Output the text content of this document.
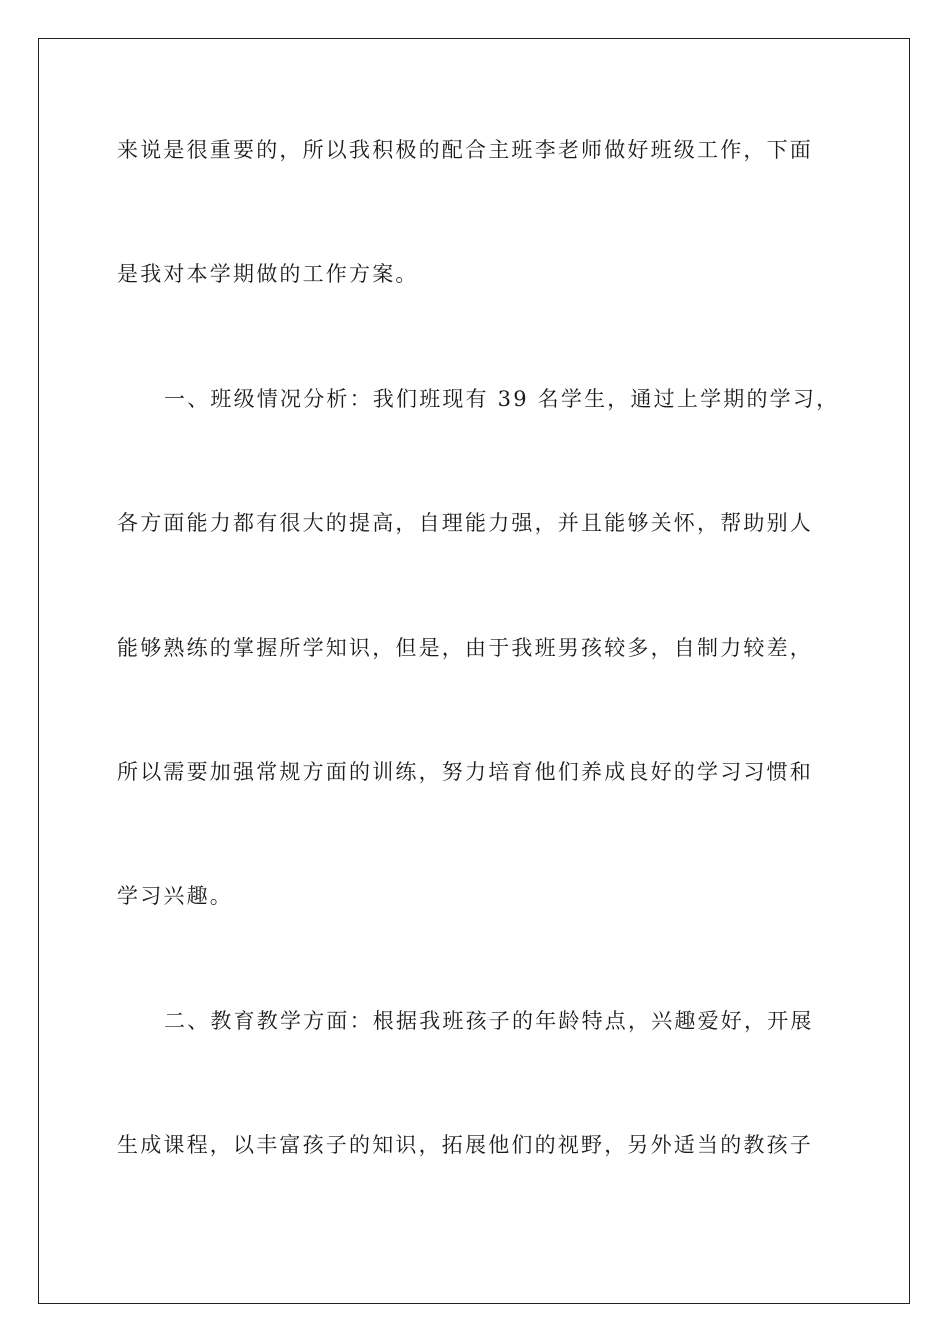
来说是很重要的，所以我积极的配合主班李老师做好班级工作，下面
是我对本学期做的工作方案。
一、班级情况分析：我们班现有 39 名学生，通过上学期的学习，
各方面能力都有很大的提高，自理能力强，并且能够关怀，帮助别人
能够熟练的掌握所学知识，但是，由于我班男孩较多，自制力较差，
所以需要加强常规方面的训练，努力培育他们养成良好的学习习惯和
学习兴趣。
二、教育教学方面：根据我班孩子的年龄特点，兴趣爱好，开展
生成课程，以丰富孩子的知识，拓展他们的视野，另外适当的教孩子
